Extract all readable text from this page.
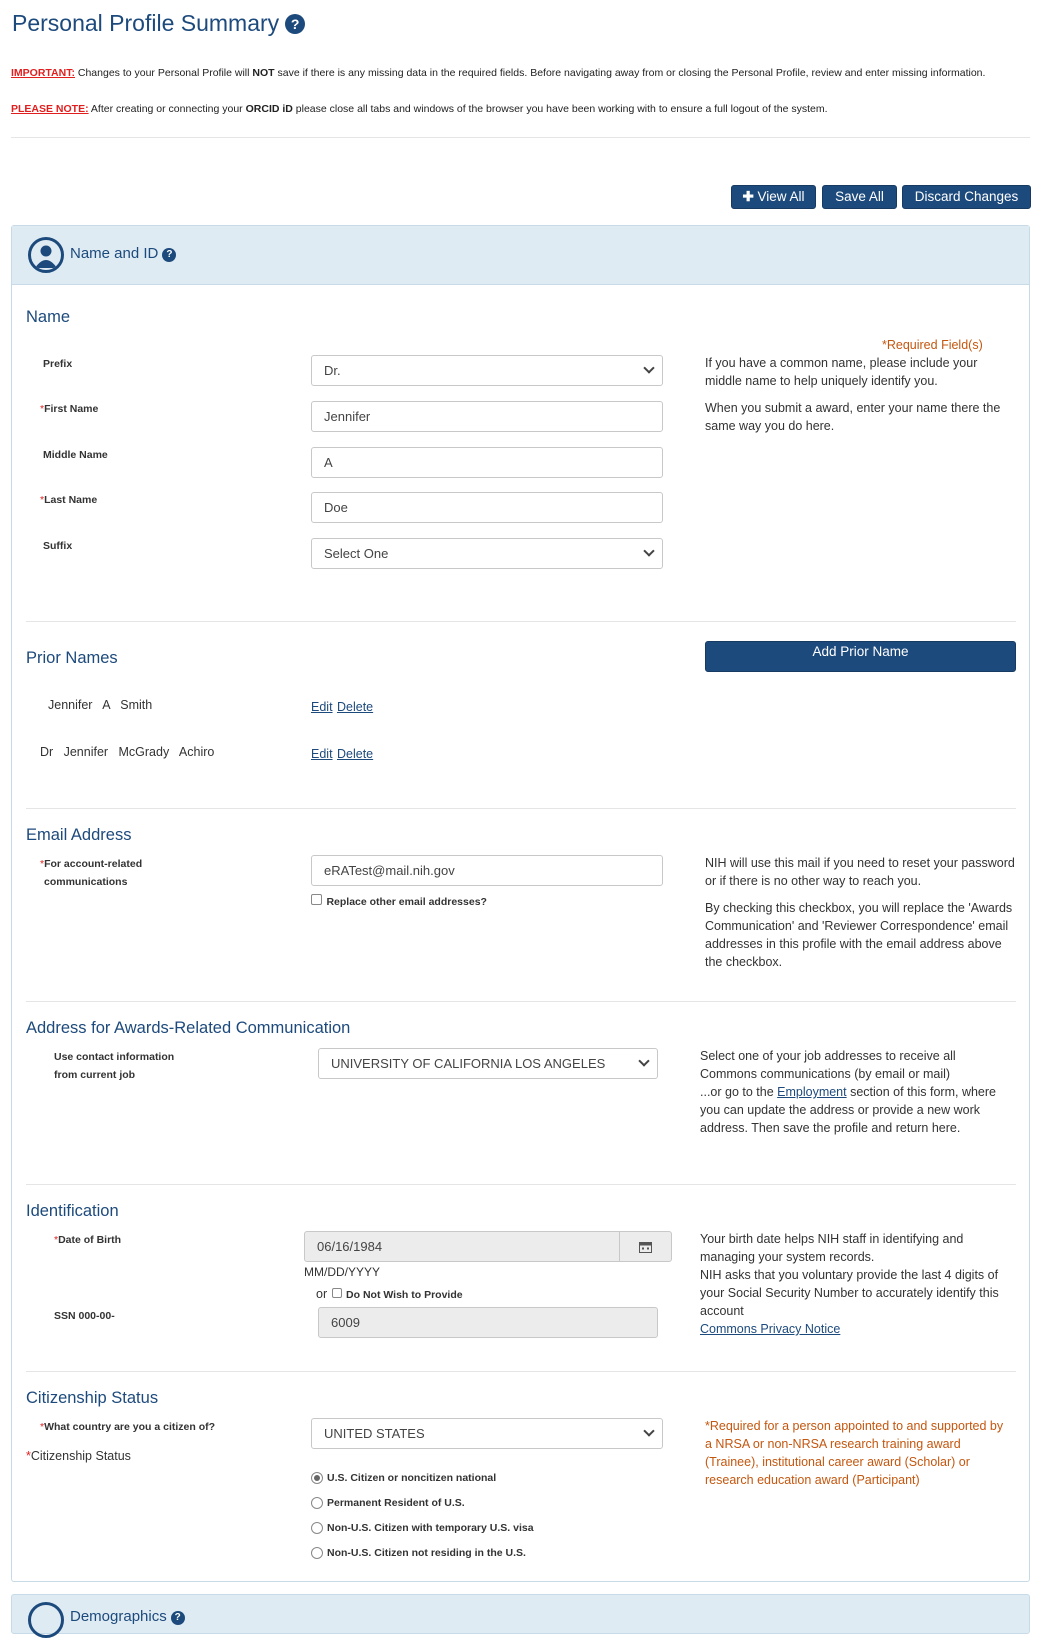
Personal Profile Summary ?
IMPORTANT: Changes to your Personal Profile will NOT save if there is any missing data in the required fields. Before navigating away from or closing the Personal Profile, review and enter missing information.
PLEASE NOTE: After creating or connecting your ORCID iD please close all tabs and windows of the browser you have been working with to ensure a full logout of the system.
✚ View All	Save All	Discard Changes
Name and ID ?
Name
*Required Field(s)
Prefix	Dr.
*First Name	Jennifer
Middle Name	A
*Last Name	Doe
Suffix	Select One
If you have a common name, please include your middle name to help uniquely identify you.
When you submit a award, enter your name there the same way you do here.
Prior Names	Add Prior Name
Jennifer   A   Smith	Edit Delete
Dr   Jennifer   McGrady   Achiro	Edit Delete
Email Address
*For account-related
communications
eRATest@mail.nih.gov
Replace other email addresses?
NIH will use this mail if you need to reset your password or if there is no other way to reach you.
By checking this checkbox, you will replace the 'Awards Communication' and 'Reviewer Correspondence' email addresses in this profile with the email address above the checkbox.
Address for Awards-Related Communication
Use contact information
from current job
UNIVERSITY OF CALIFORNIA LOS ANGELES	Select one of your job addresses to receive all Commons communications (by email or mail)
...or go to the Employment section of this form, where you can update the address or provide a new work address. Then save the profile and return here.
Identification
*Date of Birth	06/16/1984
MM/DD/YYYY
or Do Not Wish to Provide
SSN 000-00-	6009
Your birth date helps NIH staff in identifying and managing your system records.
NIH asks that you voluntary provide the last 4 digits of your Social Security Number to accurately identify this account
Commons Privacy Notice
Citizenship Status
*What country are you a citizen of?	UNITED STATES
*Citizenship Status
U.S. Citizen or noncitizen national
Permanent Resident of U.S.
Non-U.S. Citizen with temporary U.S. visa
Non-U.S. Citizen not residing in the U.S.
*Required for a person appointed to and supported by a NRSA or non-NRSA research training award (Trainee), institutional career award (Scholar) or research education award (Participant)
Demographics ?
